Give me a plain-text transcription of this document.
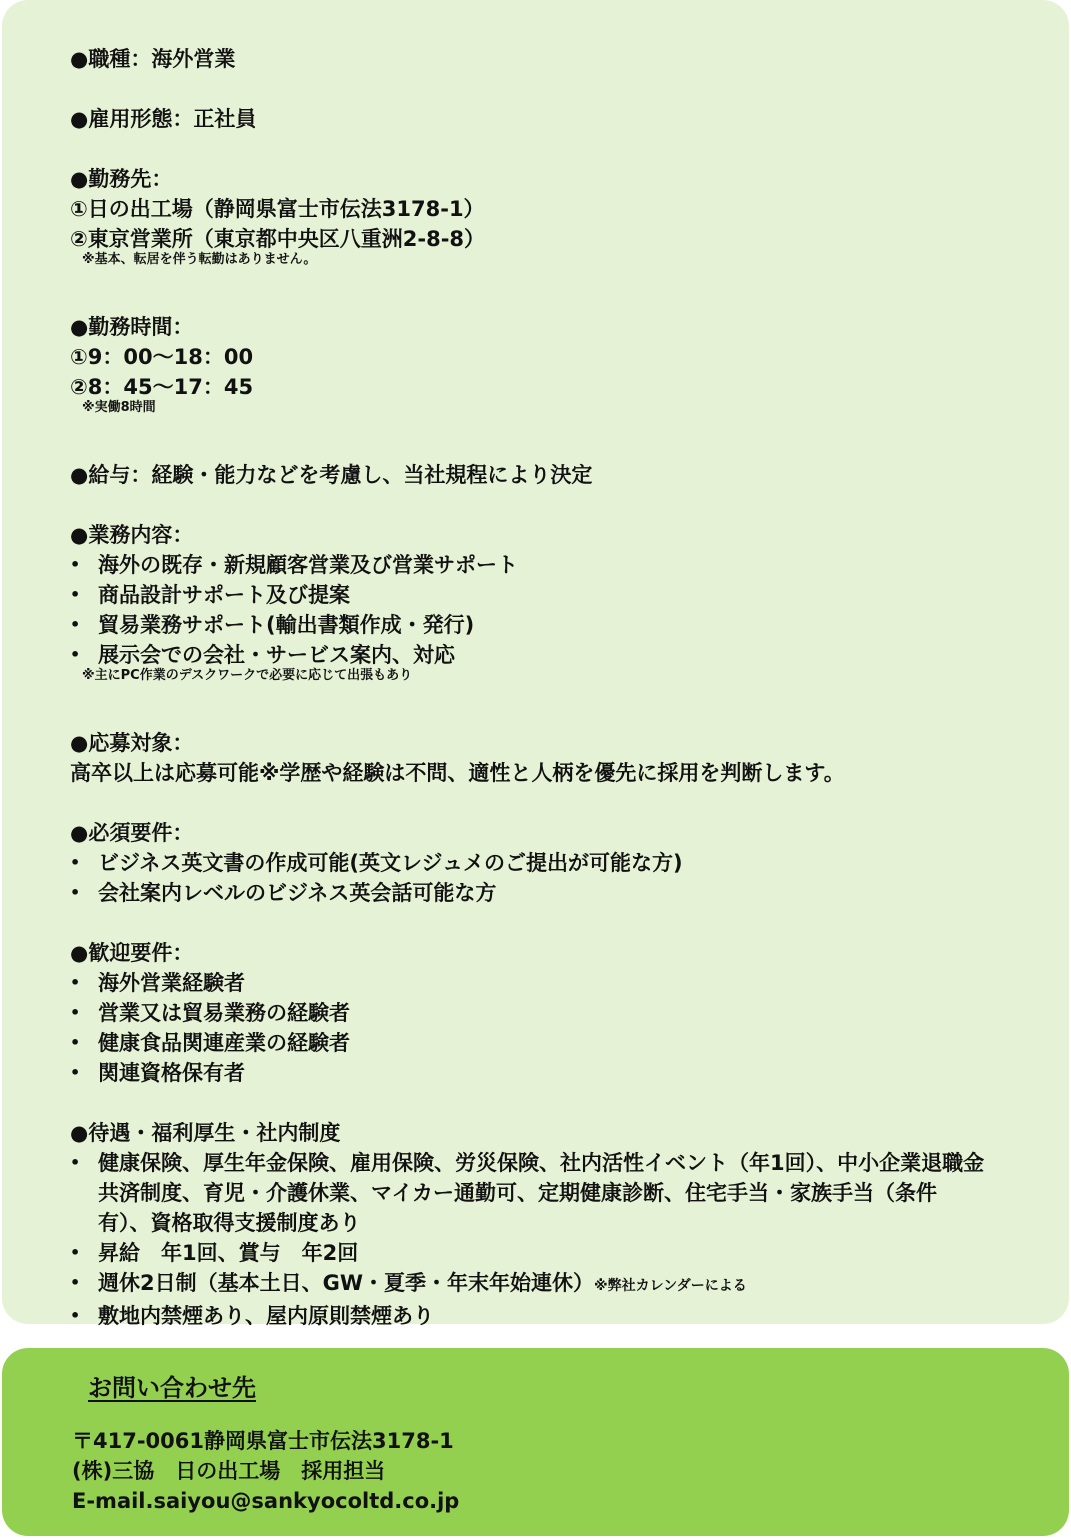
●職種：海外営業
●雇用形態：正社員
●勤務先：
①日の出工場（静岡県富士市伝法3178-1）
②東京営業所（東京都中央区八重洲2-8-8）
※基本、転居を伴う転勤はありません。
●勤務時間：
①9：00～18：00
②8：45～17：45
※実働8時間
●給与：経験・能力などを考慮し、当社規程により決定
●業務内容：
• 海外の既存・新規顧客営業及び営業サポート
• 商品設計サポート及び提案
• 貿易業務サポート(輸出書類作成・発行)
• 展示会での会社・サービス案内、対応
※主にPC作業のデスクワークで必要に応じて出張もあり
●応募対象：
高卒以上は応募可能※学歴や経験は不問、適性と人柄を優先に採用を判断します。
●必須要件：
• ビジネス英文書の作成可能(英文レジュメのご提出が可能な方)
• 会社案内レベルのビジネス英会話可能な方
●歓迎要件：
• 海外営業経験者
• 営業又は貿易業務の経験者
• 健康食品関連産業の経験者
• 関連資格保有者
●待遇・福利厚生・社内制度
• 健康保険、厚生年金保険、雇用保険、労災保険、社内活性イベント（年1回）、中小企業退職金共済制度、育児・介護休業、マイカー通勤可、定期健康診断、住宅手当・家族手当（条件有）、資格取得支援制度あり
• 昇給　年1回、賞与　年2回
• 週休2日制（基本土日、GW・夏季・年末年始連休）※弊社カレンダーによる
• 敷地内禁煙あり、屋内原則禁煙あり
お問い合わせ先
〒417-0061静岡県富士市伝法3178-1
(株)三協　日の出工場　採用担当
E-mail.saiyou@sankyocoltd.co.jp
